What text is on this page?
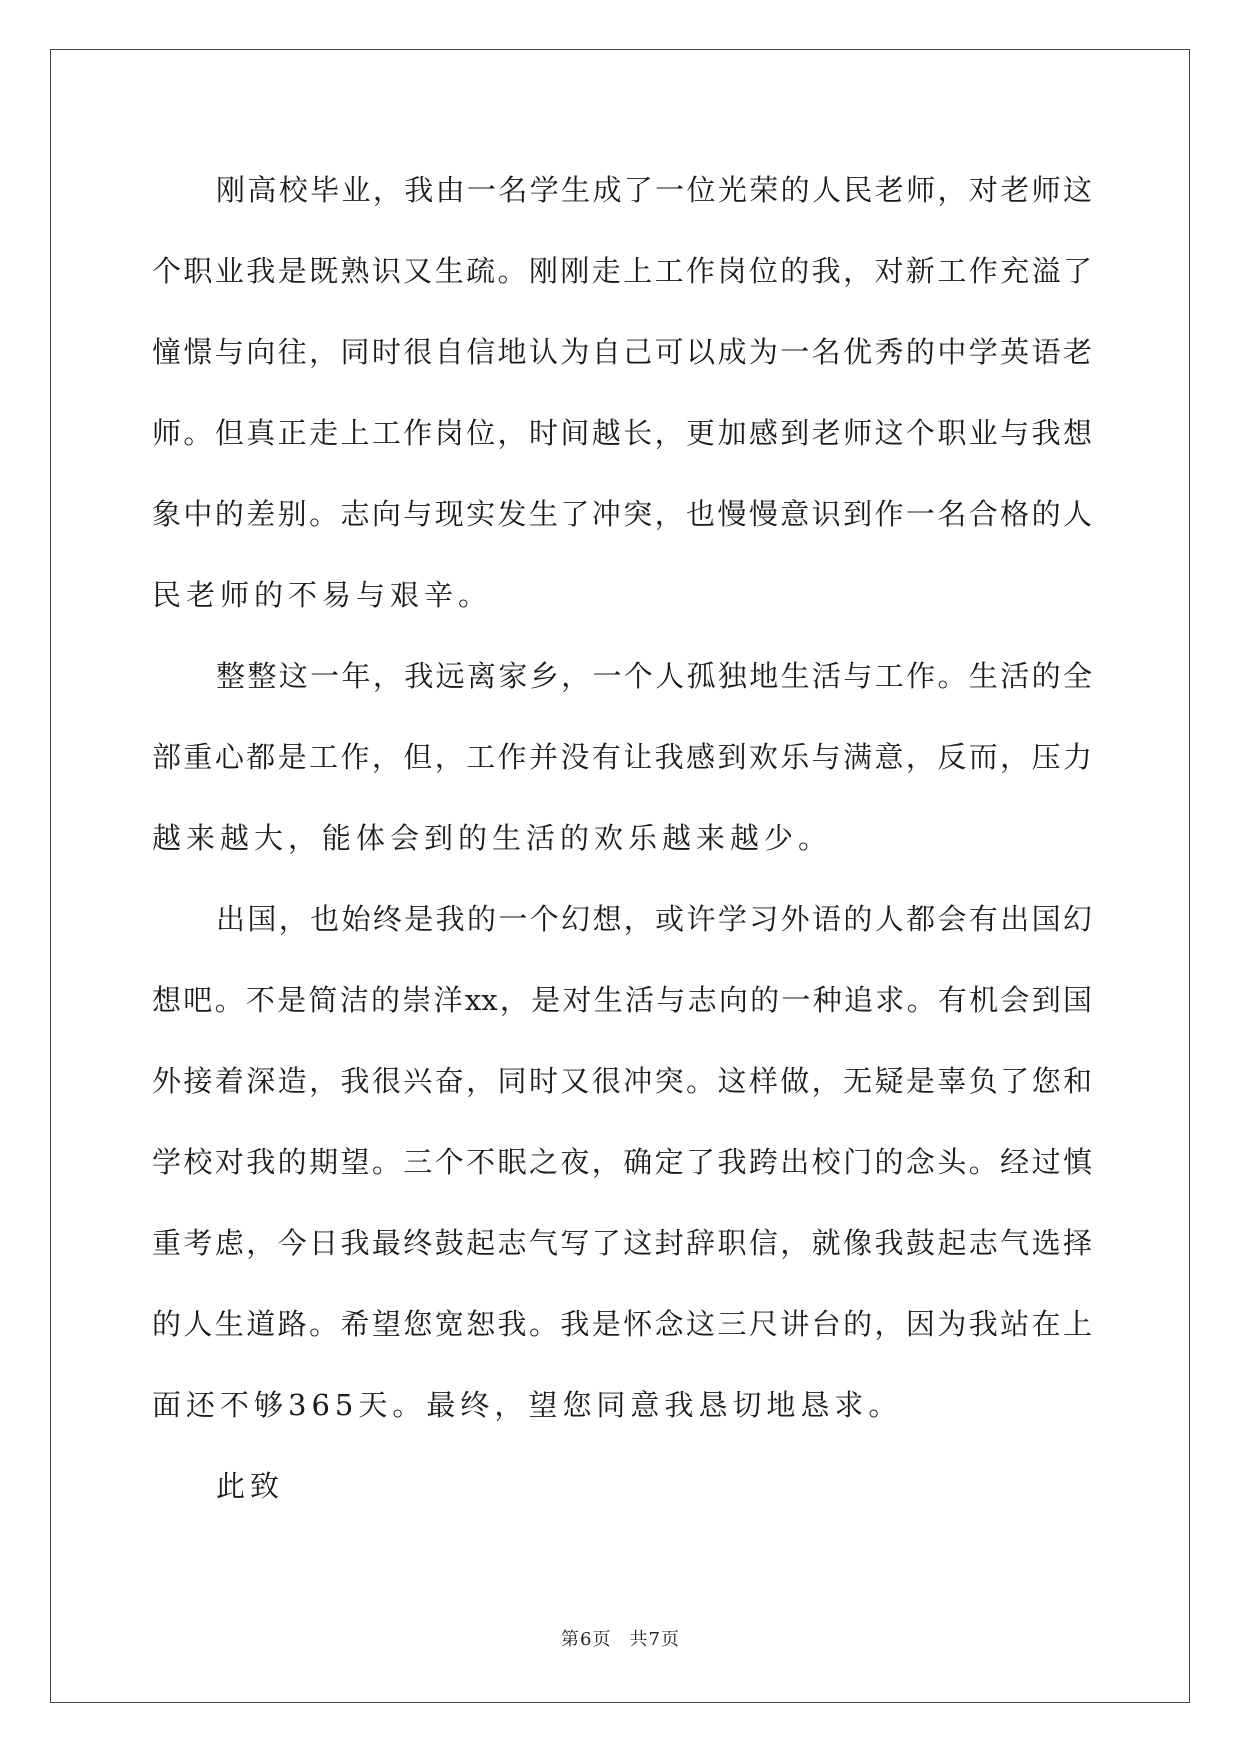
刚高校毕业，我由一名学生成了一位光荣的人民老师，对老师这
个职业我是既熟识又生疏。刚刚走上工作岗位的我，对新工作充溢了
憧憬与向往，同时很自信地认为自己可以成为一名优秀的中学英语老
师。但真正走上工作岗位，时间越长，更加感到老师这个职业与我想
象中的差别。志向与现实发生了冲突，也慢慢意识到作一名合格的人
民老师的不易与艰辛。
整整这一年，我远离家乡，一个人孤独地生活与工作。生活的全
部重心都是工作，但，工作并没有让我感到欢乐与满意，反而，压力
越来越大，能体会到的生活的欢乐越来越少。
出国，也始终是我的一个幻想，或许学习外语的人都会有出国幻
想吧。不是简洁的崇洋xx，是对生活与志向的一种追求。有机会到国
外接着深造，我很兴奋，同时又很冲突。这样做，无疑是辜负了您和
学校对我的期望。三个不眠之夜，确定了我跨出校门的念头。经过慎
重考虑，今日我最终鼓起志气写了这封辞职信，就像我鼓起志气选择
的人生道路。希望您宽恕我。我是怀念这三尺讲台的，因为我站在上
面还不够365天。最终，望您同意我恳切地恳求。
此致
第6页 共7页
